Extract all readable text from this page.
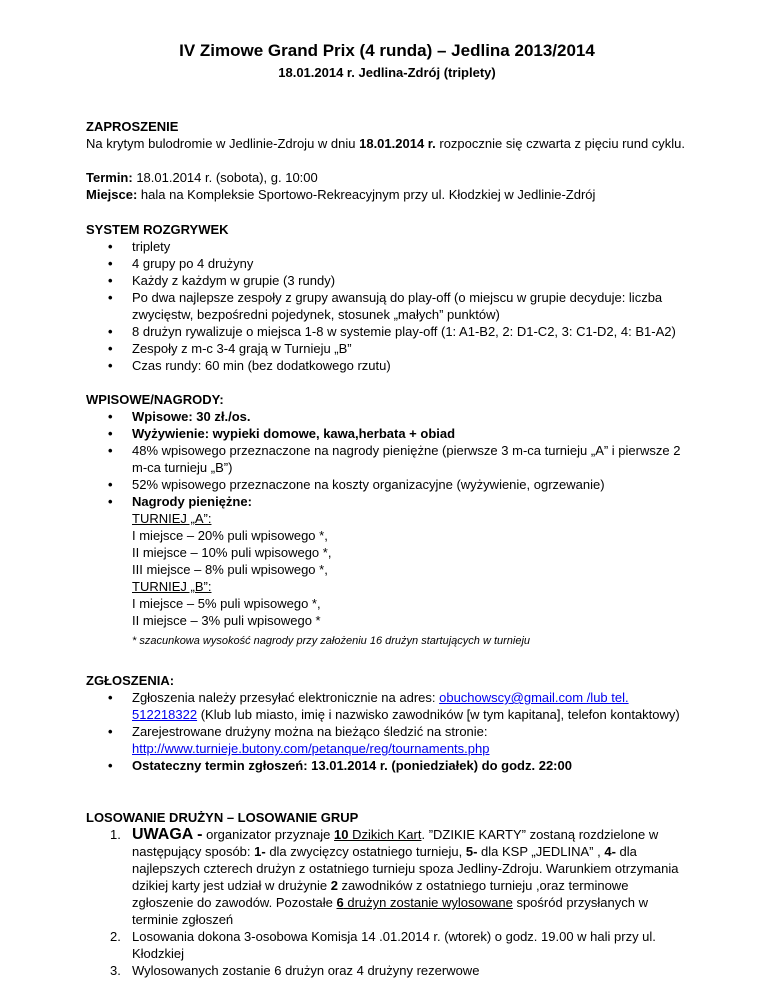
IV Zimowe Grand Prix (4 runda) – Jedlina 2013/2014
18.01.2014 r. Jedlina-Zdrój (triplety)

ZAPROSZENIE

Na krytym bulodromie w Jedlinie-Zdroju w dniu 18.01.2014 r. rozpocznie się czwarta z pięciu rund cyklu.

Termin: 18.01.2014 r. (sobota), g. 10:00

Miejsce: hala na Kompleksie Sportowo-Rekreacyjnym przy ul. Kłodzkiej w Jedlinie-Zdrój

SYSTEM ROZGRYWEK

• triplety
• 4 grupy po 4 drużyny
• Każdy z każdym w grupie (3 rundy)
• Po dwa najlepsze zespoły z grupy awansują do play-off (o miejscu w grupie decyduje: liczba zwycięstw, bezpośredni pojedynek, stosunek „małych” punktów)
• 8 drużyn rywalizuje o miejsca 1-8 w systemie play-off (1: A1-B2, 2: D1-C2, 3: C1-D2, 4: B1-A2)
• Zespoły z m-c 3-4 grają w Turnieju „B”
• Czas rundy: 60 min (bez dodatkowego rzutu)

WPISOWE/NAGRODY:

• Wpisowe: 30 zł./os.
• Wyżywienie: wypieki domowe, kawa,herbata + obiad
• 48% wpisowego przeznaczone na nagrody pieniężne (pierwsze 3 m-ca turnieju „A” i pierwsze 2 m-ca turnieju „B”)
• 52% wpisowego przeznaczone na koszty organizacyjne (wyżywienie, ogrzewanie)
• Nagrody pieniężne:
TURNIEJ „A”:
I miejsce – 20% puli wpisowego *,
II miejsce – 10% puli wpisowego *,
III miejsce – 8% puli wpisowego *,
TURNIEJ „B”:
I miejsce – 5% puli wpisowego *,
II miejsce – 3% puli wpisowego *
* szacunkowa wysokość nagrody przy założeniu 16 drużyn startujących w turnieju

ZGŁOSZENIA:

• Zgłoszenia należy przesyłać elektronicznie na adres: obuchowscy@gmail.com /lub tel. 512218322 (Klub lub miasto, imię i nazwisko zawodników [w tym kapitana], telefon kontaktowy)
• Zarejestrowane drużyny można na bieżąco śledzić na stronie:
http://www.turnieje.butony.com/petanque/reg/tournaments.php
• Ostateczny termin zgłoszeń: 13.01.2014 r. (poniedziałek) do godz. 22:00

LOSOWANIE DRUŻYN – LOSOWANIE GRUP

1. UWAGA - organizator przyznaje 10 Dzikich Kart. ”DZIKIE KARTY” zostaną rozdzielone w następujący sposób: 1- dla zwycięzcy ostatniego turnieju, 5- dla KSP „JEDLINA” , 4- dla najlepszych czterech drużyn z ostatniego turnieju spoza Jedliny-Zdroju. Warunkiem otrzymania dzikiej karty jest udział w drużynie 2 zawodników z ostatniego turnieju ,oraz terminowe zgłoszenie do zawodów. Pozostałe 6 drużyn zostanie wylosowane spośród przysłanych w terminie zgłoszeń
2. Losowania dokona 3-osobowa Komisja 14 .01.2014 r. (wtorek) o godz. 19.00 w hali przy ul. Kłodzkiej
3. Wylosowanych zostanie 6 drużyn oraz 4 drużyny rezerwowe
